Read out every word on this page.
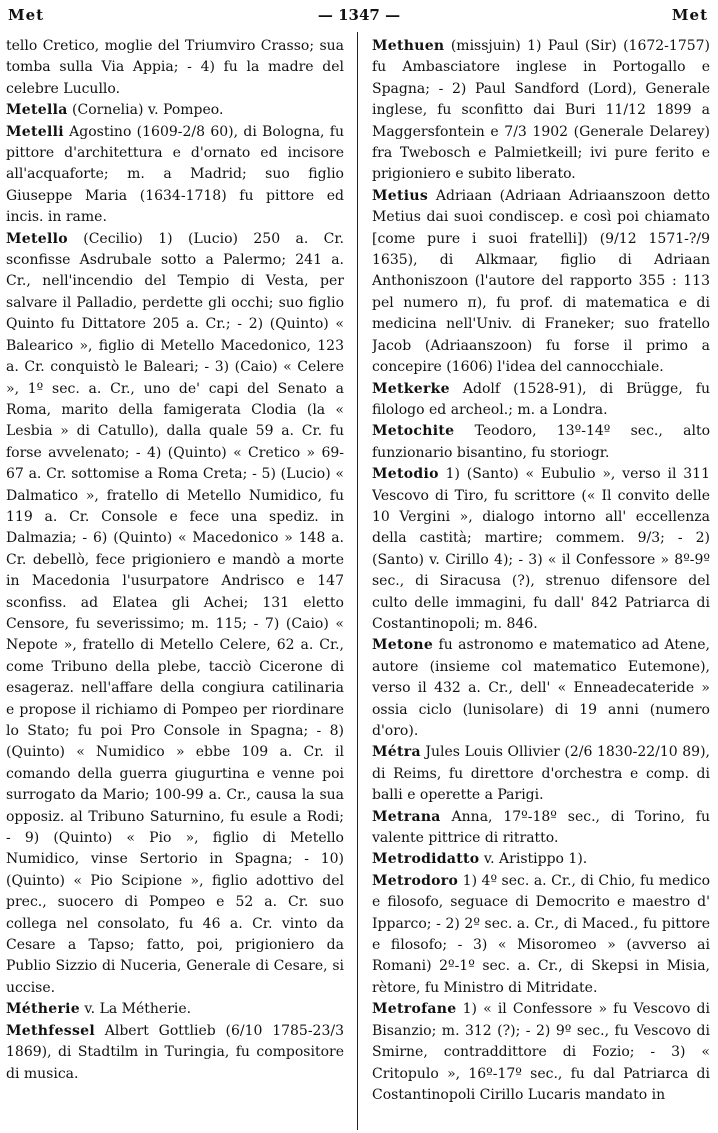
Met	— 1347 —	Met

tello Cretico, moglie del Triumviro Crasso; sua tomba sulla Via Appia; - 4) fu la madre del celebre Lucullo.

Metella (Cornelia) v. Pompeo.

Metelli Agostino (1609-2/8 60), di Bologna, fu pittore d'architettura e d'ornato ed incisore all'acquaforte; m. a Madrid; suo figlio Giuseppe Maria (1634-1718) fu pittore ed incis. in rame.

Metello (Cecilio) 1) (Lucio) 250 a. Cr. sconfisse Asdrubale sotto a Palermo; 241 a. Cr., nell'incendio del Tempio di Vesta, per salvare il Palladio, perdette gli occhi; suo figlio Quinto fu Dittatore 205 a. Cr.; - 2) (Quinto) « Balearico », figlio di Metello Macedonico, 123 a. Cr. conquistò le Baleari; - 3) (Caio) « Celere », 1º sec. a. Cr., uno de' capi del Senato a Roma, marito della famigerata Clodia (la « Lesbia » di Catullo), dalla quale 59 a. Cr. fu forse avvelenato; - 4) (Quinto) « Cretico » 69-67 a. Cr. sottomise a Roma Creta; - 5) (Lucio) « Dalmatico », fratello di Metello Numidico, fu 119 a. Cr. Console e fece una spediz. in Dalmazia; - 6) (Quinto) « Macedonico » 148 a. Cr. debellò, fece prigioniero e mandò a morte in Macedonia l'usurpatore Andrisco e 147 sconfiss. ad Elatea gli Achei; 131 eletto Censore, fu severissimo; m. 115; - 7) (Caio) « Nepote », fratello di Metello Celere, 62 a. Cr., come Tribuno della plebe, tacciò Cicerone di esageraz. nell'affare della congiura catilinaria e propose il richiamo di Pompeo per riordinare lo Stato; fu poi Pro Console in Spagna; - 8) (Quinto) « Numidico » ebbe 109 a. Cr. il comando della guerra giugurtina e venne poi surrogato da Mario; 100-99 a. Cr., causa la sua opposiz. al Tribuno Saturnino, fu esule a Rodi; - 9) (Quinto) « Pio », figlio di Metello Numidico, vinse Sertorio in Spagna; - 10) (Quinto) « Pio Scipione », figlio adottivo del prec., suocero di Pompeo e 52 a. Cr. suo collega nel consolato, fu 46 a. Cr. vinto da Cesare a Tapso; fatto, poi, prigioniero da Publio Sizzio di Nuceria, Generale di Cesare, si uccise.

Métherie v. La Métherie.

Methfessel Albert Gottlieb (6/10 1785-23/3 1869), di Stadtilm in Turingia, fu compositore di musica.

Methuen (missjuin) 1) Paul (Sir) (1672-1757) fu Ambasciatore inglese in Portogallo e Spagna; - 2) Paul Sandford (Lord), Generale inglese, fu sconfitto dai Buri 11/12 1899 a Maggersfontein e 7/3 1902 (Generale Delarey) fra Twebosch e Palmietkeill; ivi pure ferito e prigioniero e subito liberato.

Metius Adriaan (Adriaan Adriaanszoon detto Metius dai suoi condiscep. e così poi chiamato [come pure i suoi fratelli]) (9/12 1571-?/9 1635), di Alkmaar, figlio di Adriaan Anthoniszoon (l'autore del rapporto 355 : 113 pel numero π), fu prof. di matematica e di medicina nell'Univ. di Franeker; suo fratello Jacob (Adriaanszoon) fu forse il primo a concepire (1606) l'idea del cannocchiale.

Metkerke Adolf (1528-91), di Brügge, fu filologo ed archeol.; m. a Londra.

Metochite Teodoro, 13º-14º sec., alto funzionario bisantino, fu storiogr.

Metodio 1) (Santo) « Eubulio », verso il 311 Vescovo di Tiro, fu scrittore (« Il convito delle 10 Vergini », dialogo intorno all' eccellenza della castità; martire; commem. 9/3; - 2) (Santo) v. Cirillo 4); - 3) « il Confessore » 8º-9º sec., di Siracusa (?), strenuo difensore del culto delle immagini, fu dall' 842 Patriarca di Costantinopoli; m. 846.

Metone fu astronomo e matematico ad Atene, autore (insieme col matematico Eutemone), verso il 432 a. Cr., dell' « Enneadecateride » ossia ciclo (lunisolare) di 19 anni (numero d'oro).

Métra Jules Louis Ollivier (2/6 1830-22/10 89), di Reims, fu direttore d'orchestra e comp. di balli e operette a Parigi.

Metrana Anna, 17º-18º sec., di Torino, fu valente pittrice di ritratto.

Metrodidatto v. Aristippo 1).

Metrodoro 1) 4º sec. a. Cr., di Chio, fu medico e filosofo, seguace di Democrito e maestro d' Ipparco; - 2) 2º sec. a. Cr., di Maced., fu pittore e filosofo; - 3) « Misoromeo » (avverso ai Romani) 2º-1º sec. a. Cr., di Skepsi in Misia, rètore, fu Ministro di Mitridate.

Metrofane 1) « il Confessore » fu Vescovo di Bisanzio; m. 312 (?); - 2) 9º sec., fu Vescovo di Smirne, contraddittore di Fozio; - 3) « Critopulo », 16º-17º sec., fu dal Patriarca di Costantinopoli Cirillo Lucaris mandato in
